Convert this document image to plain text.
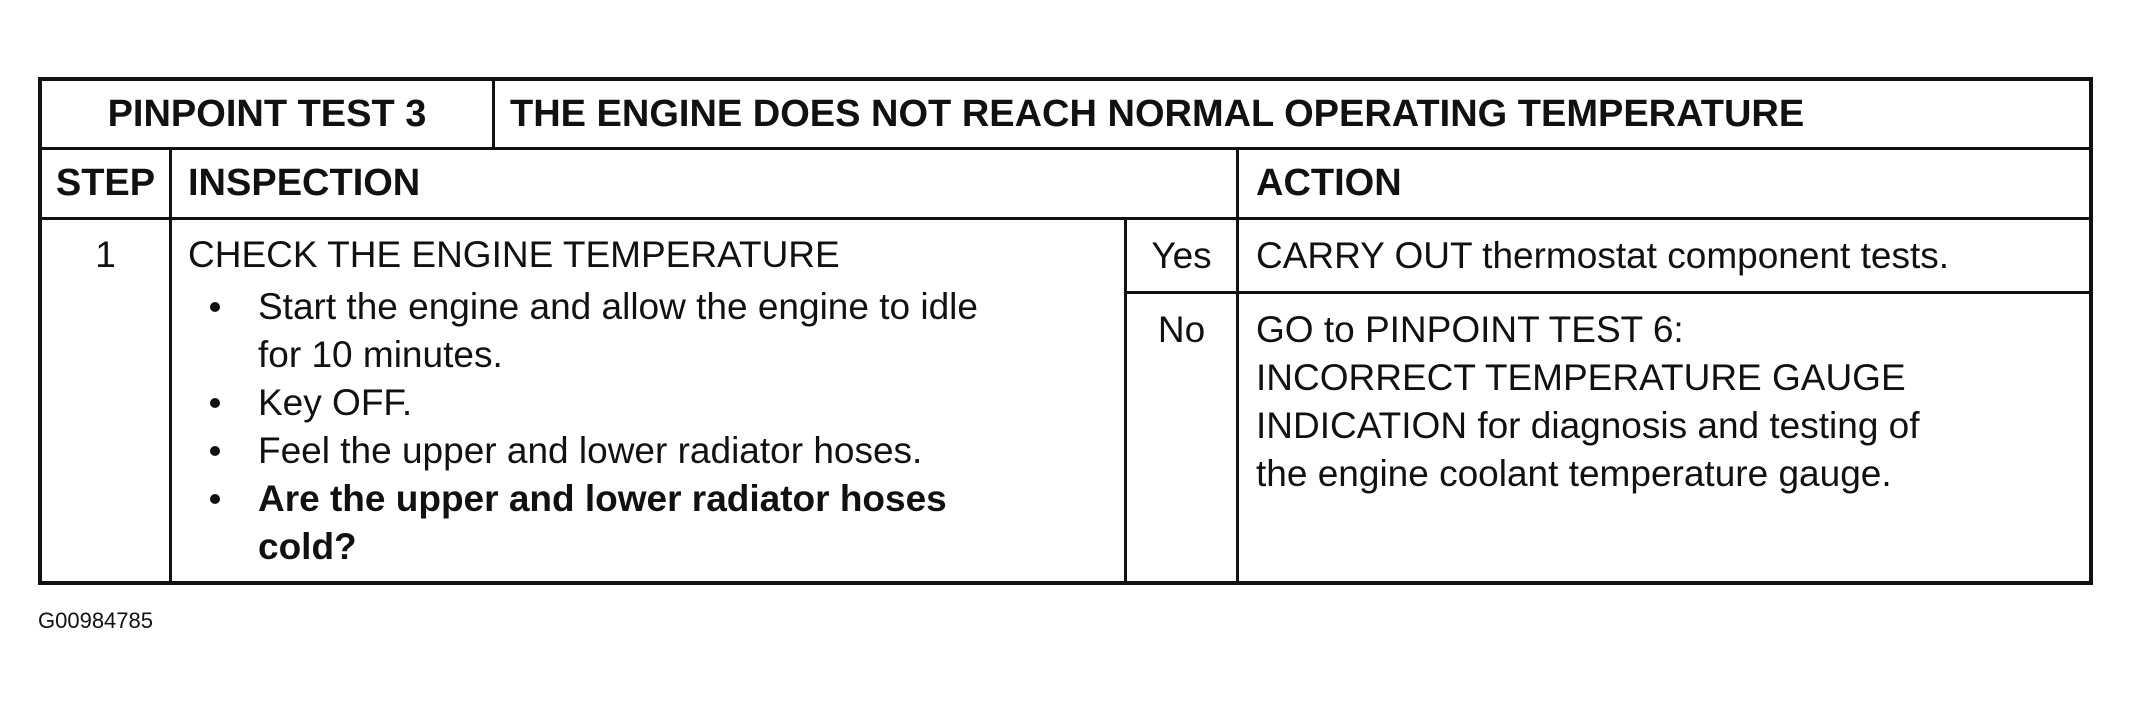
PINPOINT TEST 3	THE ENGINE DOES NOT REACH NORMAL OPERATING TEMPERATURE
STEP INSPECTION	ACTION
1	CHECK THE ENGINE TEMPERATURE
Start the engine and allow the engine to idle
for 10 minutes.
Key OFF.
Feel the upper and lower radiator hoses.
Are the upper and lower radiator hoses
cold?
Yes	CARRY OUT thermostat component tests.
No	GO to PINPOINT TEST 6:
INCORRECT TEMPERATURE GAUGE
INDICATION for diagnosis and testing of
the engine coolant temperature gauge.
G00984785
